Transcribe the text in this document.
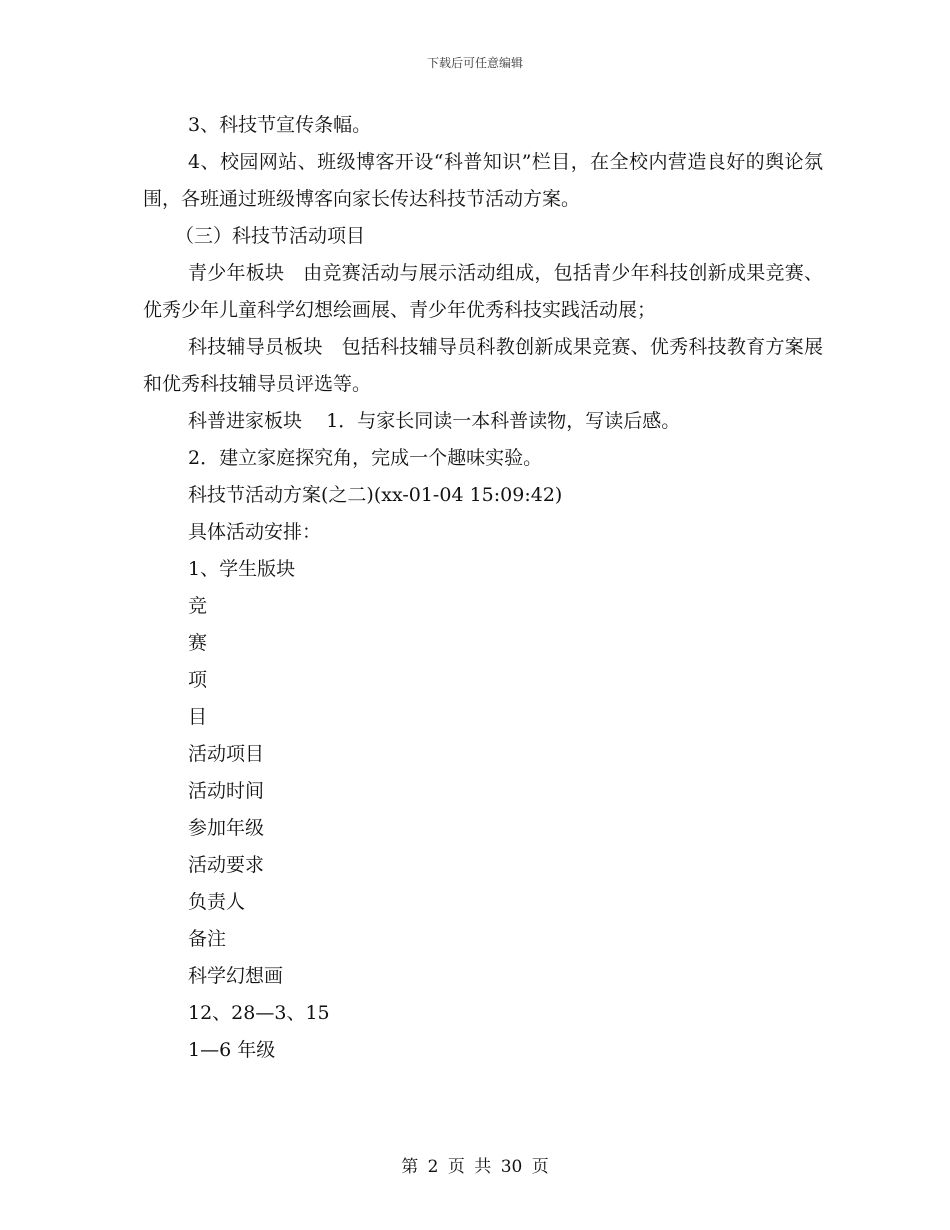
下载后可任意编辑

3、科技节宣传条幅。

4、校园网站、班级博客开设“科普知识”栏目，在全校内营造良好的舆论氛围，各班通过班级博客向家长传达科技节活动方案。

（三）科技节活动项目

青少年板块 由竞赛活动与展示活动组成，包括青少年科技创新成果竞赛、优秀少年儿童科学幻想绘画展、青少年优秀科技实践活动展；

科技辅导员板块 包括科技辅导员科教创新成果竞赛、优秀科技教育方案展和优秀科技辅导员评选等。

科普进家板块 1．与家长同读一本科普读物，写读后感。

2．建立家庭探究角，完成一个趣味实验。

科技节活动方案(之二)(xx-01-04 15:09:42)

具体活动安排：

1、学生版块

竞

赛

项

目

活动项目

活动时间

参加年级

活动要求

负责人

备注

科学幻想画

12、28—3、15

1—6 年级

第 2 页 共 30 页
